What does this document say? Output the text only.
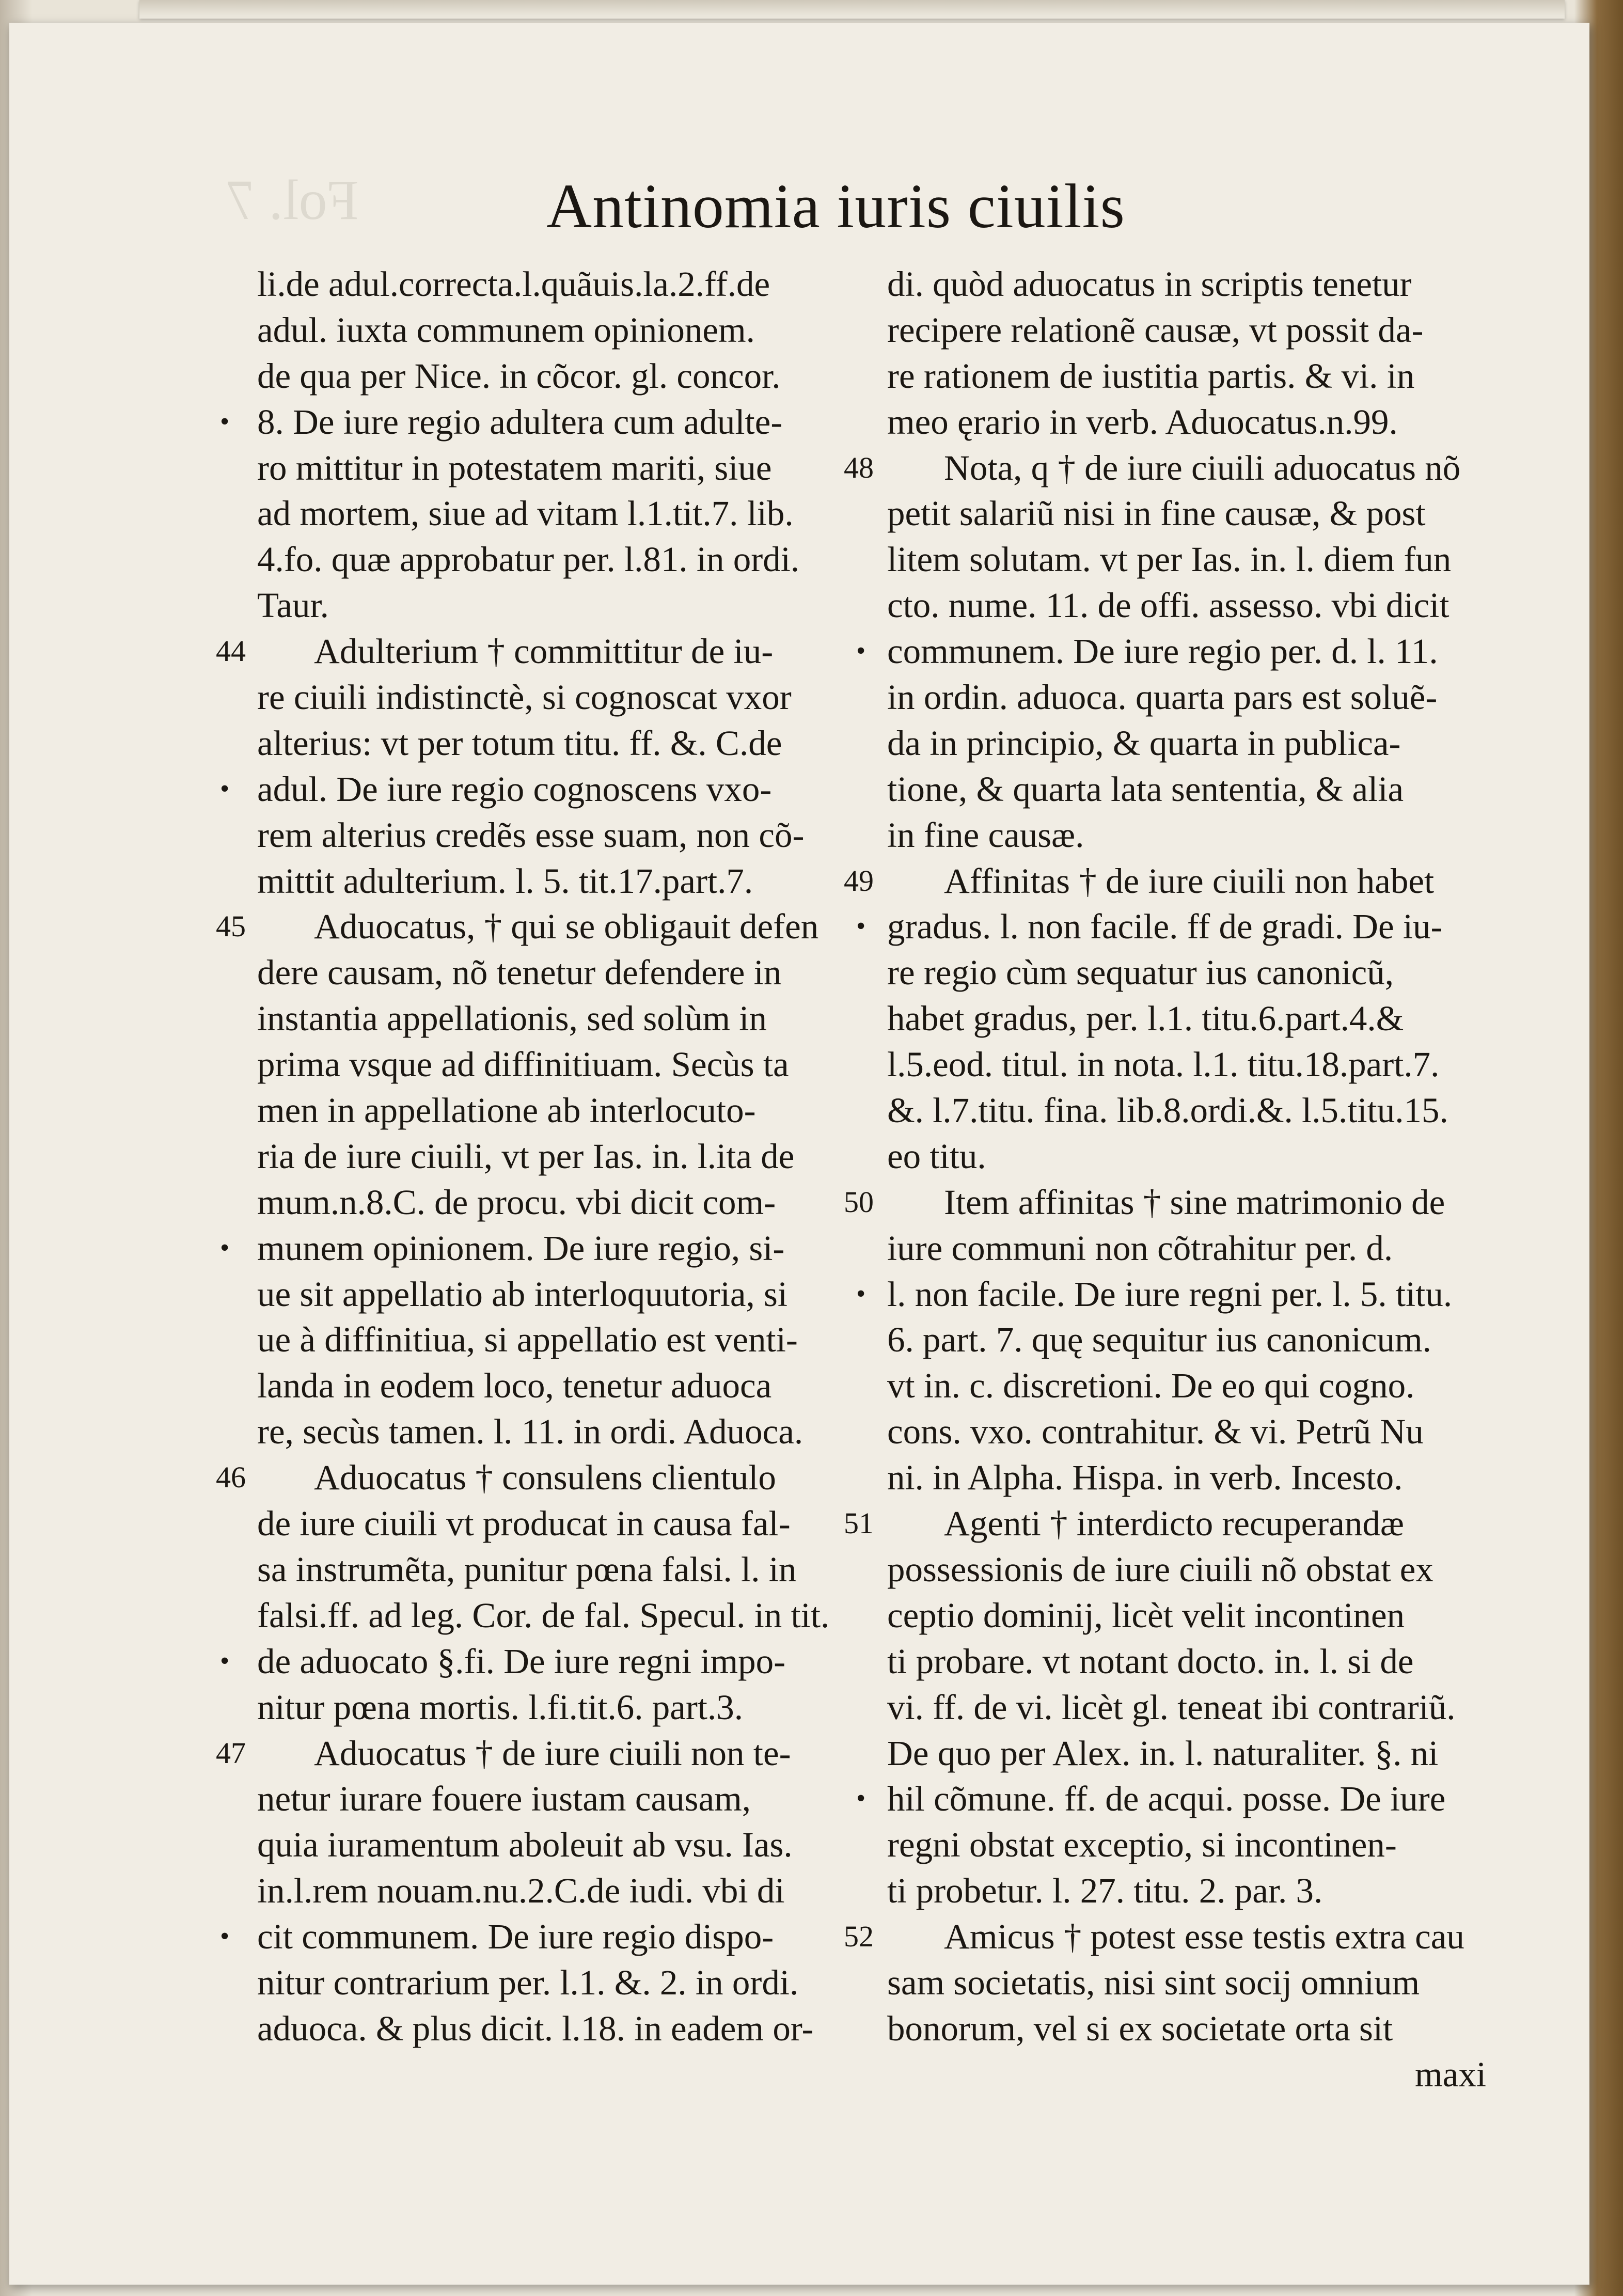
Fol. 7	Antinomia iuris ciuilis
li.de adul.correcta.l.quãuis.la.2.ff.de
adul. iuxta communem opinionem.
de qua per Nice. in cõcor. gl. concor.
• 8. De iure regio adultera cum adulte-
ro mittitur in potestatem mariti, siue
ad mortem, siue ad vitam l.1.tit.7. lib.
4.fo. quæ approbatur per. l.81. in ordi.
Taur.
44	Adulterium † committitur de iu-
re ciuili indistinctè, si cognoscat vxor
alterius: vt per totum titu. ff. &. C.de
• adul. De iure regio cognoscens vxo-
rem alterius credẽs esse suam, non cõ-
mittit adulterium. l. 5. tit.17.part.7.
45	Aduocatus, † qui se obligauit defen
dere causam, nõ tenetur defendere in
instantia appellationis, sed solùm in
prima vsque ad diffinitiuam. Secùs ta
men in appellatione ab interlocuto-
ria de iure ciuili, vt per Ias. in. l.ita de
mum.n.8.C. de procu. vbi dicit com-
• munem opinionem. De iure regio, si-
ue sit appellatio ab interloquutoria, si
ue à diffinitiua, si appellatio est venti-
landa in eodem loco, tenetur aduoca
re, secùs tamen. l. 11. in ordi. Aduoca.
46	Aduocatus † consulens clientulo
de iure ciuili vt producat in causa fal-
sa instrumẽta, punitur pœna falsi. l. in
falsi.ff. ad leg. Cor. de fal. Specul. in tit.
• de aduocato §.fi. De iure regni impo-
nitur pœna mortis. l.fi.tit.6. part.3.
47	Aduocatus † de iure ciuili non te-
netur iurare fouere iustam causam,
quia iuramentum aboleuit ab vsu. Ias.
in.l.rem nouam.nu.2.C.de iudi. vbi di
• cit communem. De iure regio dispo-
nitur contrarium per. l.1. &. 2. in ordi.
aduoca. & plus dicit. l.18. in eadem or-
di. quòd aduocatus in scriptis tenetur
recipere relationẽ causæ, vt possit da-
re rationem de iustitia partis. & vi. in
meo ęrario in verb. Aduocatus.n.99.
48	Nota, q † de iure ciuili aduocatus nõ
petit salariũ nisi in fine causæ, & post
litem solutam. vt per Ias. in. l. diem fun
cto. nume. 11. de offi. assesso. vbi dicit
• communem. De iure regio per. d. l. 11.
in ordin. aduoca. quarta pars est soluẽ-
da in principio, & quarta in publica-
tione, & quarta lata sententia, & alia
in fine causæ.
49	Affinitas † de iure ciuili non habet
• gradus. l. non facile. ff de gradi. De iu-
re regio cùm sequatur ius canonicũ,
habet gradus, per. l.1. titu.6.part.4.&
l.5.eod. titul. in nota. l.1. titu.18.part.7.
&. l.7.titu. fina. lib.8.ordi.&. l.5.titu.15.
eo titu.
50	Item affinitas † sine matrimonio de
iure communi non cõtrahitur per. d.
• l. non facile. De iure regni per. l. 5. titu.
6. part. 7. quę sequitur ius canonicum.
vt in. c. discretioni. De eo qui cogno.
cons. vxo. contrahitur. & vi. Petrũ Nu
ni. in Alpha. Hispa. in verb. Incesto.
51	Agenti † interdicto recuperandæ
possessionis de iure ciuili nõ obstat ex
ceptio dominij, licèt velit incontinen
ti probare. vt notant docto. in. l. si de
vi. ff. de vi. licèt gl. teneat ibi contrariũ.
De quo per Alex. in. l. naturaliter. §. ni
• hil cõmune. ff. de acqui. posse. De iure
regni obstat exceptio, si incontinen-
ti probetur. l. 27. titu. 2. par. 3.
52	Amicus † potest esse testis extra cau
sam societatis, nisi sint socij omnium
bonorum, vel si ex societate orta sit
maxi
